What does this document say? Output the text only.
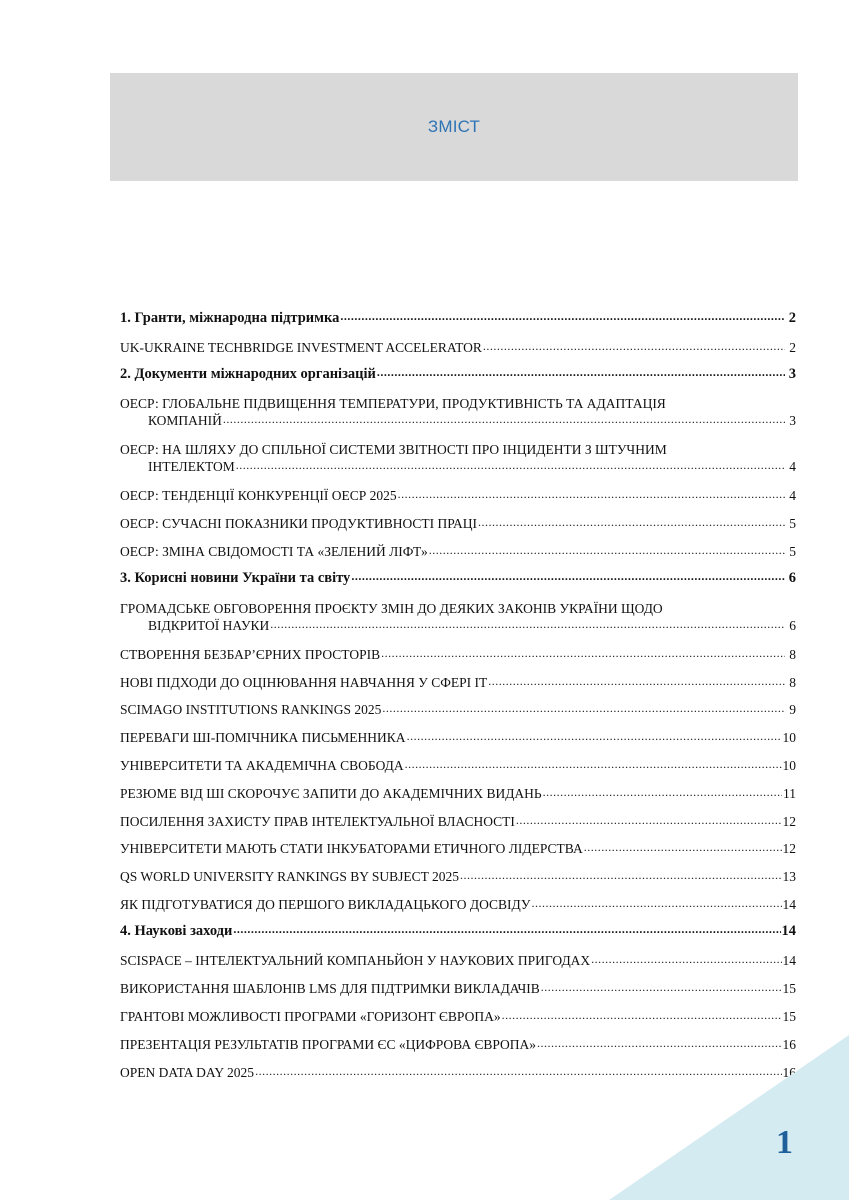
ЗМІСТ
1. Гранти, міжнародна підтримка .....	2
UK-UKRAINE TECHBRIDGE INVESTMENT ACCELERATOR .....	2
2. Документи міжнародних організацій .....	3
ОЕСР: ГЛОБАЛЬНЕ ПІДВИЩЕННЯ ТЕМПЕРАТУРИ, ПРОДУКТИВНІСТЬ ТА АДАПТАЦІЯ
КОМПАНІЙ .....	3
ОЕСР: НА ШЛЯХУ ДО СПІЛЬНОЇ СИСТЕМИ ЗВІТНОСТІ ПРО ІНЦИДЕНТИ З ШТУЧНИМ
ІНТЕЛЕКТОМ .....	4
ОЕСР: ТЕНДЕНЦІЇ КОНКУРЕНЦІЇ ОЕСР 2025 .....	4
ОЕСР: СУЧАСНІ ПОКАЗНИКИ ПРОДУКТИВНОСТІ ПРАЦІ .....	5
ОЕСР: ЗМІНА СВІДОМОСТІ ТА «ЗЕЛЕНИЙ ЛІФТ» .....	5
3. Корисні новини України та світу .....	6
ГРОМАДСЬКЕ ОБГОВОРЕННЯ ПРОЄКТУ ЗМІН ДО ДЕЯКИХ ЗАКОНІВ УКРАЇНИ ЩОДО
ВІДКРИТОЇ НАУКИ .....	6
СТВОРЕННЯ БЕЗБАР’ЄРНИХ ПРОСТОРІВ .....	8
НОВІ ПІДХОДИ ДО ОЦІНЮВАННЯ НАВЧАННЯ У СФЕРІ ІТ .....	8
SCIMAGO INSTITUTIONS RANKINGS 2025 .....	9
ПЕРЕВАГИ ШІ-ПОМІЧНИКА ПИСЬМЕННИКА .....	10
УНІВЕРСИТЕТИ ТА АКАДЕМІЧНА СВОБОДА .....	10
РЕЗЮМЕ ВІД ШІ СКОРОЧУЄ ЗАПИТИ ДО АКАДЕМІЧНИХ ВИДАНЬ .....	11
ПОСИЛЕННЯ ЗАХИСТУ ПРАВ ІНТЕЛЕКТУАЛЬНОЇ ВЛАСНОСТІ .....	12
УНІВЕРСИТЕТИ МАЮТЬ СТАТИ ІНКУБАТОРАМИ ЕТИЧНОГО ЛІДЕРСТВА .....	12
QS WORLD UNIVERSITY RANKINGS BY SUBJECT 2025 .....	13
ЯК ПІДГОТУВАТИСЯ ДО ПЕРШОГО ВИКЛАДАЦЬКОГО ДОСВІДУ .....	14
4. Наукові заходи .....	14
SCISPACE – ІНТЕЛЕКТУАЛЬНИЙ КОМПАНЬЙОН У НАУКОВИХ ПРИГОДАХ .....	14
ВИКОРИСТАННЯ ШАБЛОНІВ LMS ДЛЯ ПІДТРИМКИ ВИКЛАДАЧІВ .....	15
ГРАНТОВІ МОЖЛИВОСТІ ПРОГРАМИ «ГОРИЗОНТ ЄВРОПА» .....	15
ПРЕЗЕНТАЦІЯ РЕЗУЛЬТАТІВ ПРОГРАМИ ЄС «ЦИФРОВА ЄВРОПА» .....	16
OPEN DATA DAY 2025 .....	16
1
